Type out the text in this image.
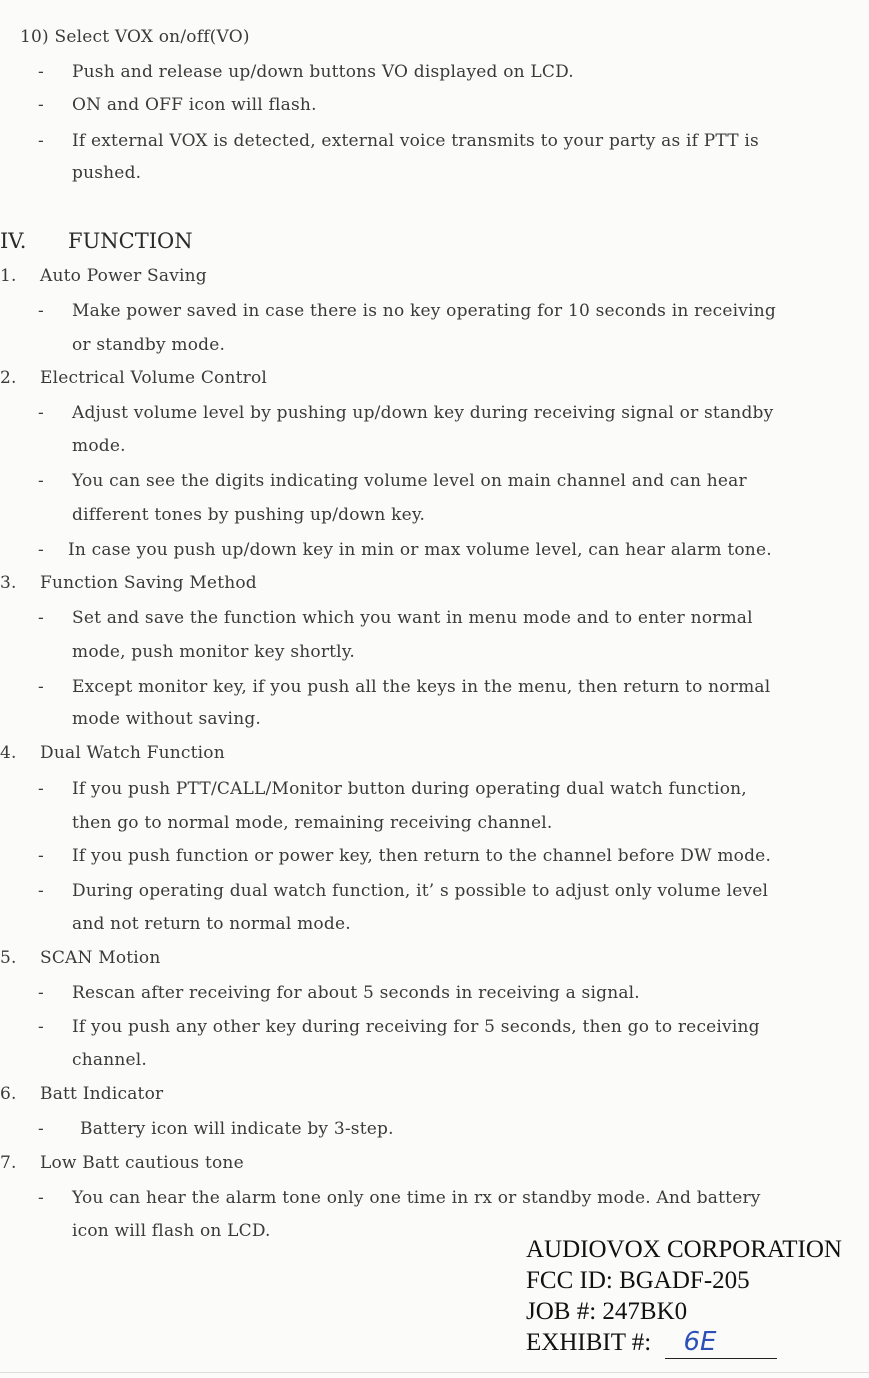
10) Select VOX on/off(VO)
- Push and release up/down buttons VO displayed on LCD.
- ON and OFF icon will flash.
- If external VOX is detected, external voice transmits to your party as if PTT is
pushed.
IV. FUNCTION
1. Auto Power Saving
- Make power saved in case there is no key operating for 10 seconds in receiving
or standby mode.
2. Electrical Volume Control
- Adjust volume level by pushing up/down key during receiving signal or standby
mode.
- You can see the digits indicating volume level on main channel and can hear
different tones by pushing up/down key.
- In case you push up/down key in min or max volume level, can hear alarm tone.
3. Function Saving Method
- Set and save the function which you want in menu mode and to enter normal
mode, push monitor key shortly.
- Except monitor key, if you push all the keys in the menu, then return to normal
mode without saving.
4. Dual Watch Function
- If you push PTT/CALL/Monitor button during operating dual watch function,
then go to normal mode, remaining receiving channel.
- If you push function or power key, then return to the channel before DW mode.
- During operating dual watch function, it’ s possible to adjust only volume level
and not return to normal mode.
5. SCAN Motion
- Rescan after receiving for about 5 seconds in receiving a signal.
- If you push any other key during receiving for 5 seconds, then go to receiving
channel.
6. Batt Indicator
- Battery icon will indicate by 3-step.
7. Low Batt cautious tone
- You can hear the alarm tone only one time in rx or standby mode. And battery
icon will flash on LCD.
AUDIOVOX CORPORATION
FCC ID: BGADF-205
JOB #: 247BK0
EXHIBIT #: 6E
